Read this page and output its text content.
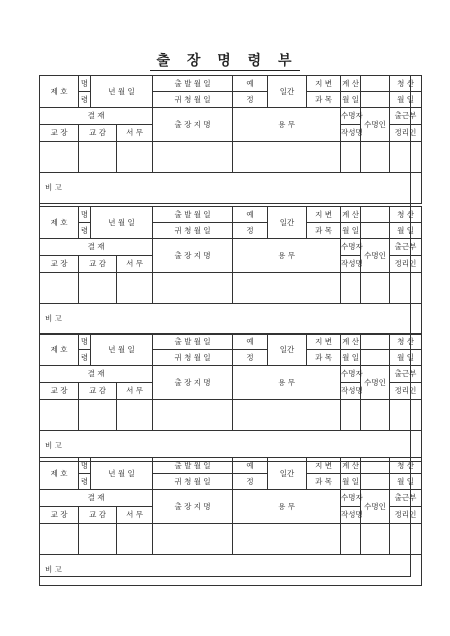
출 장 명 령 부
제 호	명	년 월 일		출 발 월 일	예	일간	지 변	계 산		청 산
	령			귀 청 월 일	정		과 목	월 일		월 일
결 재				출 장 지 명	용 무			수명자	수명인	출근부
교 장	교 감		서 무					작성명		정리인

비 고										
제 호	명	년 월 일		출 발 월 일	예	일간	지 변	계 산		청 산
	령			귀 청 월 일	정		과 목	월 일		월 일
결 재				출 장 지 명	용 무			수명자	수명인	출근부
교 장	교 감		서 무					작성명		정리인

비 고										
제 호	명	년 월 일		출 발 월 일	예	일간	지 변	계 산		청 산
	령			귀 청 월 일	정		과 목	월 일		월 일
결 재				출 장 지 명	용 무			수명자	수명인	출근부
교 장	교 감		서 무					작성명		정리인

비 고										
제 호	명	년 월 일		출 발 월 일	예	일간	지 변	계 산		청 산
	령			귀 청 월 일	정		과 목	월 일		월 일
결 재				출 장 지 명	용 무			수명자	수명인	출근부
교 장	교 감		서 무					작성명		정리인

비 고										
